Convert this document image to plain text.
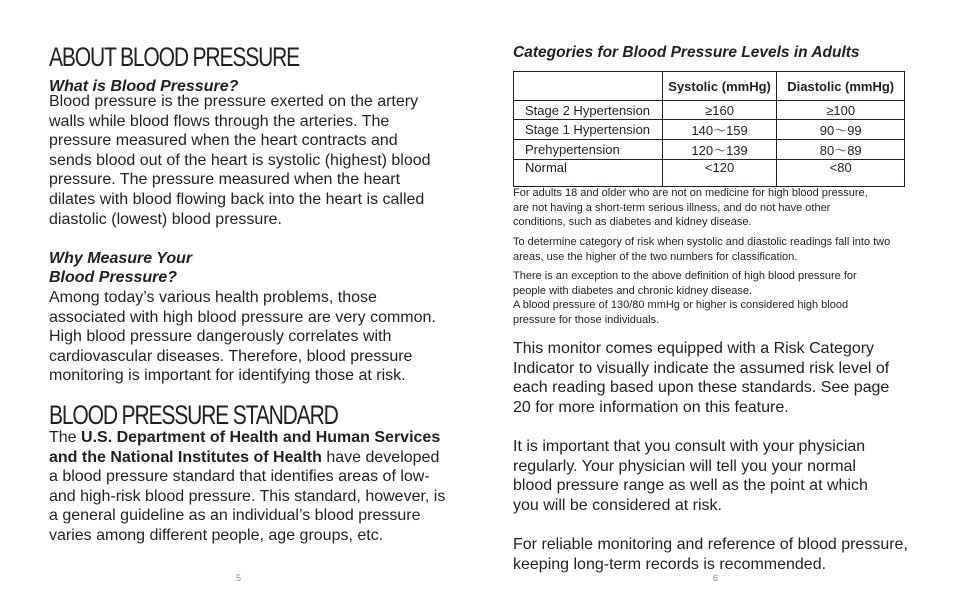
ABOUT BLOOD PRESSURE
What is Blood Pressure?

Blood pressure is the pressure exerted on the artery walls while blood flows through the arteries. The pressure measured when the heart contracts and sends blood out of the heart is systolic (highest) blood pressure. The pressure measured when the heart dilates with blood flowing back into the heart is called diastolic (lowest) blood pressure.

Why Measure Your
Blood Pressure?

Among today’s various health problems, those associated with high blood pressure are very common. High blood pressure dangerously correlates with cardiovascular diseases. Therefore, blood pressure monitoring is important for identifying those at risk.

BLOOD PRESSURE STANDARD

The U.S. Department of Health and Human Services and the National Institutes of Health have developed a blood pressure standard that identifies areas of low- and high-risk blood pressure. This standard, however, is a general guideline as an individual’s blood pressure varies among different people, age groups, etc.

5
Categories for Blood Pressure Levels in Adults
	Systolic (mmHg)	Diastolic (mmHg)
Stage 2 Hypertension	≥160	≥100
Stage 1 Hypertension	140～159	90～99
Prehypertension	120～139	80～89
Normal	<120	<80

For adults 18 and older who are not on medicine for high blood pressure, are not having a short-term serious illness, and do not have other conditions, such as diabetes and kidney disease.

To determine category of risk when systolic and diastolic readings fall into two areas, use the higher of the two numbers for classification.

There is an exception to the above definition of high blood pressure for people with diabetes and chronic kidney disease.
A blood pressure of 130/80 mmHg or higher is considered high blood pressure for those individuals.

This monitor comes equipped with a Risk Category Indicator to visually indicate the assumed risk level of each reading based upon these standards. See page 20 for more information on this feature.

It is important that you consult with your physician regularly. Your physician will tell you your normal blood pressure range as well as the point at which you will be considered at risk.

For reliable monitoring and reference of blood pressure, keeping long-term records is recommended.

6
